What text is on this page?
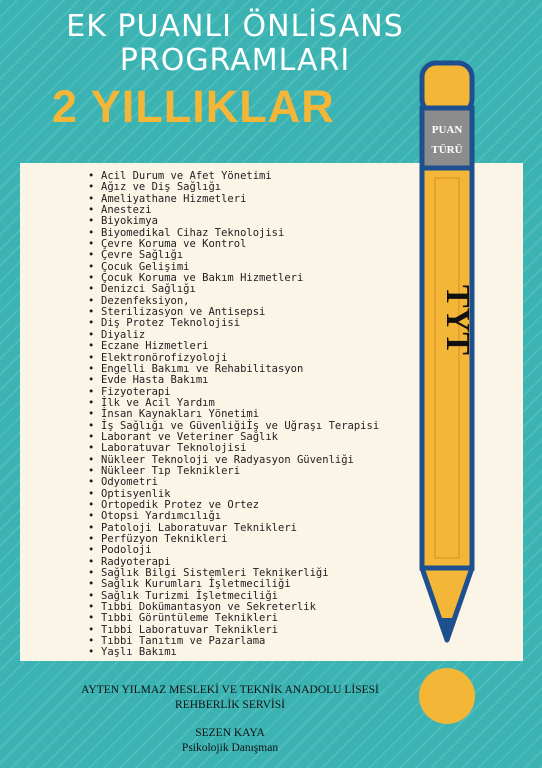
EK PUANLI ÖNLİSANS
PROGRAMLARI
2 YILLIKLAR
• Acil Durum ve Afet Yönetimi
• Ağız ve Diş Sağlığı
• Ameliyathane Hizmetleri
• Anestezi
• Biyokimya
• Biyomedikal Cihaz Teknolojisi
• Çevre Koruma ve Kontrol
• Çevre Sağlığı
• Çocuk Gelişimi
• Çocuk Koruma ve Bakım Hizmetleri
• Denizci Sağlığı
• Dezenfeksiyon,
• Sterilizasyon ve Antisepsi
• Diş Protez Teknolojisi
• Diyaliz
• Eczane Hizmetleri
• Elektronörofizyoloji
• Engelli Bakımı ve Rehabilitasyon
• Evde Hasta Bakımı
• Fizyoterapi
• İlk ve Acil Yardım
• İnsan Kaynakları Yönetimi
• İş Sağlığı ve Güvenliğiİş ve Uğraşı Terapisi
• Laborant ve Veteriner Sağlık
• Laboratuvar Teknolojisi
• Nükleer Teknoloji ve Radyasyon Güvenliği
• Nükleer Tıp Teknikleri
• Odyometri
• Optisyenlik
• Ortopedik Protez ve Ortez
• Otopsi Yardımcılığı
• Patoloji Laboratuvar Teknikleri
• Perfüzyon Teknikleri
• Podoloji
• Radyoterapi
• Sağlık Bilgi Sistemleri Teknikerliği
• Sağlık Kurumları İşletmeciliği
• Sağlık Turizmi İşletmeciliği
• Tıbbi Dokümantasyon ve Sekreterlik
• Tıbbi Görüntüleme Teknikleri
• Tıbbi Laboratuvar Teknikleri
• Tıbbi Tanıtım ve Pazarlama
• Yaşlı Bakımı
PUAN
TÜRÜ
TYT
AYTEN YILMAZ MESLEKİ VE TEKNİK ANADOLU LİSESİ
REHBERLİK SERVİSİ
SEZEN KAYA
Psikolojik Danışman
